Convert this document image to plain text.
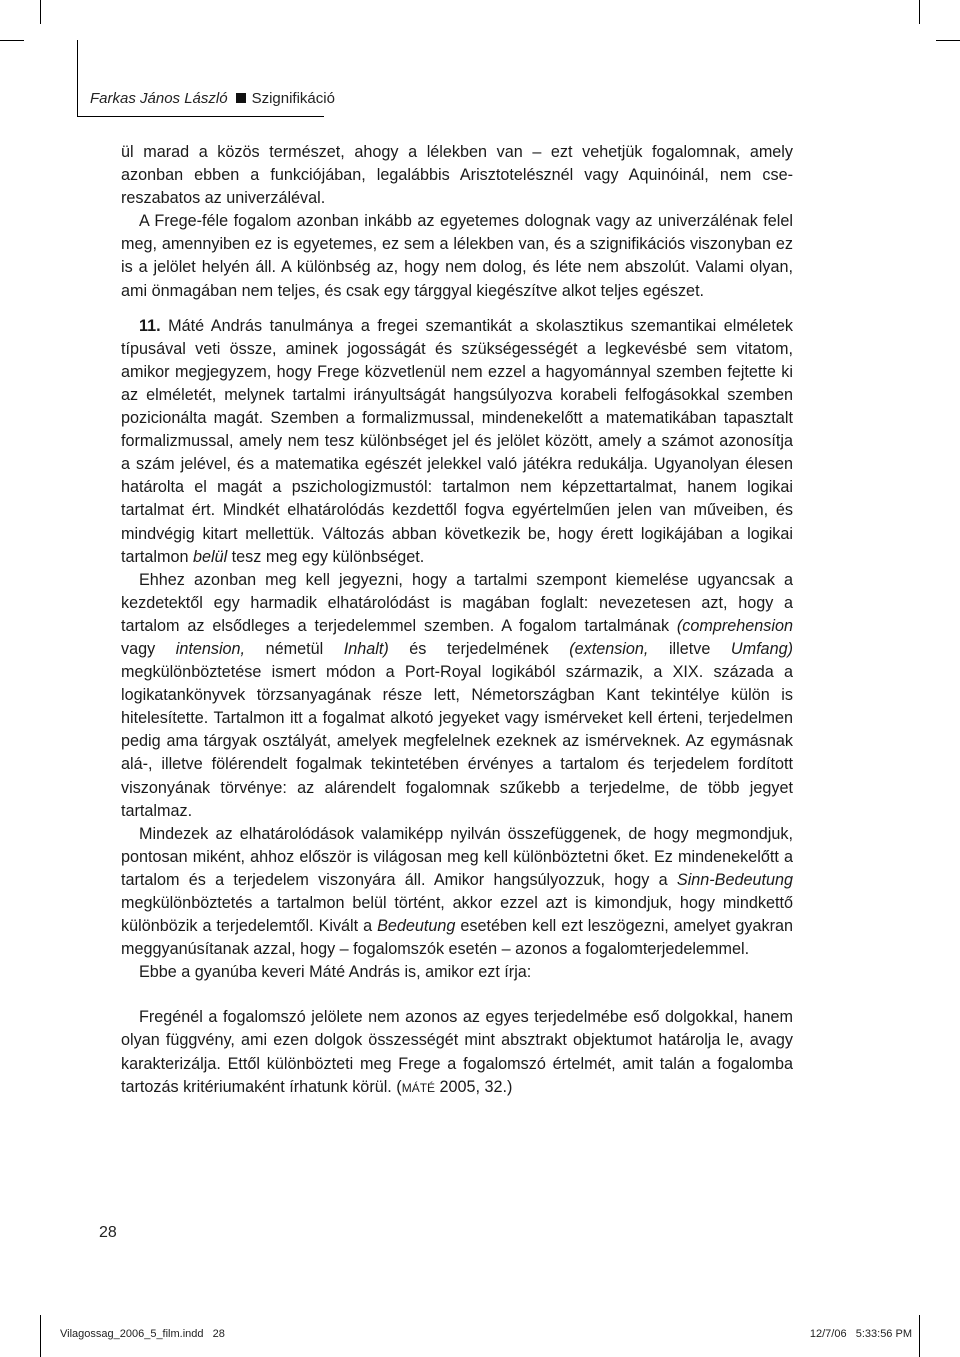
Farkas János László Szignifikáció

ül marad a közös természet, ahogy a lélekben van – ezt vehetjük fogalomnak, amely azonban ebben a funkciójában, legalábbis Arisztotelésznél vagy Aquinóinál, nem csereszabatos az univerzáléval.

A Frege-féle fogalom azonban inkább az egyetemes dolognak vagy az univerzálénak felel meg, amennyiben ez is egyetemes, ez sem a lélekben van, és a szignifikációs viszonyban ez is a jelölet helyén áll. A különbség az, hogy nem dolog, és léte nem abszolút. Valami olyan, ami önmagában nem teljes, és csak egy tárggyal kiegészítve alkot teljes egészet.

11. Máté András tanulmánya a fregei szemantikát a skolasztikus szemantikai elméletek típusával veti össze, aminek jogosságát és szükségességét a legkevésbé sem vitatom, amikor megjegyzem, hogy Frege közvetlenül nem ezzel a hagyománnyal szemben fejtette ki az elméletét, melynek tartalmi irányultságát hangsúlyozva korabeli felfogásokkal szemben pozicionálta magát. Szemben a formalizmussal, mindenekelőtt a matematikában tapasztalt formalizmussal, amely nem tesz különbséget jel és jelölet között, amely a számot azonosítja a szám jelével, és a matematika egészét jelekkel való játékra redukálja. Ugyanolyan élesen határolta el magát a pszichologizmustól: tartalmon nem képzettartalmat, hanem logikai tartalmat ért. Mindkét elhatárolódás kezdettől fogva egyértelműen jelen van műveiben, és mindvégig kitart mellettük. Változás abban következik be, hogy érett logikájában a logikai tartalmon belül tesz meg egy különbséget.

Ehhez azonban meg kell jegyezni, hogy a tartalmi szempont kiemelése ugyancsak a kezdetektől egy harmadik elhatárolódást is magában foglalt: nevezetesen azt, hogy a tartalom az elsődleges a terjedelemmel szemben. A fogalom tartalmának (comprehension vagy intension, németül Inhalt) és terjedelmének (extension, illetve Umfang) megkülönböztetése ismert módon a Port-Royal logikából származik, a XIX. százada a logikatankönyvek törzsanyagának része lett, Németországban Kant tekintélye külön is hitelesítette. Tartalmon itt a fogalmat alkotó jegyeket vagy ismérveket kell érteni, terjedelmen pedig ama tárgyak osztályát, amelyek megfelelnek ezeknek az ismérveknek. Az egymásnak alá-, illetve fölérendelt fogalmak tekintetében érvényes a tartalom és terjedelem fordított viszonyának törvénye: az alárendelt fogalomnak szűkebb a terjedelme, de több jegyet tartalmaz.

Mindezek az elhatárolódások valamiképp nyilván összefüggenek, de hogy megmondjuk, pontosan miként, ahhoz először is világosan meg kell különböztetni őket. Ez mindenekelőtt a tartalom és a terjedelem viszonyára áll. Amikor hangsúlyozzuk, hogy a Sinn-Bedeutung megkülönböztetés a tartalmon belül történt, akkor ezzel azt is kimondjuk, hogy mindkettő különbözik a terjedelemtől. Kivált a Bedeutung esetében kell ezt leszögezni, amelyet gyakran meggyanúsítanak azzal, hogy – fogalomszók esetén – azonos a fogalomterjedelemmel.

Ebbe a gyanúba keveri Máté András is, amikor ezt írja:

Fregénél a fogalomszó jelölete nem azonos az egyes terjedelmébe eső dolgokkal, hanem olyan függvény, ami ezen dolgok összességét mint absztrakt objektumot határolja le, avagy karakterizálja. Ettől különbözteti meg Frege a fogalomszó értelmét, amit talán a fogalomba tartozás kritériumaként írhatunk körül. (MÁTÉ 2005, 32.)

28
Vilagossag_2006_5_film.indd   28	12/7/06   5:33:56 PM
